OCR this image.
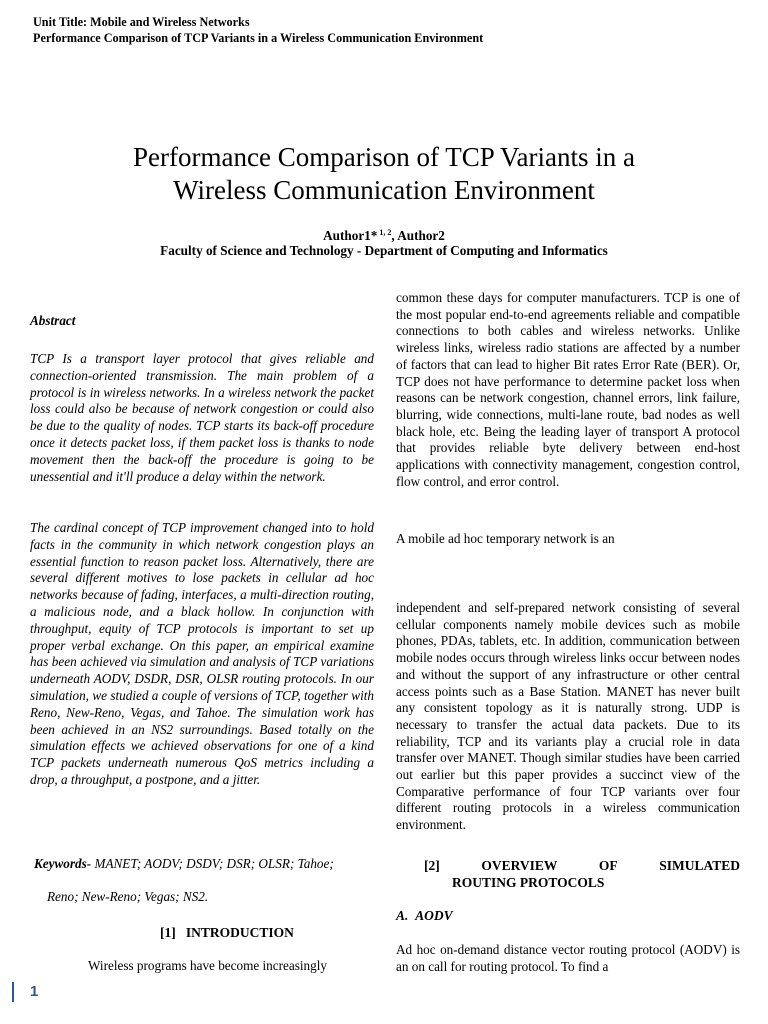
Unit Title: Mobile and Wireless Networks
Performance Comparison of TCP Variants in a Wireless Communication Environment
Performance Comparison of TCP Variants in a
Wireless Communication Environment
Author1* $^{1, 2}$, Author2
Faculty of Science and Technology - Department of Computing and Informatics
Abstract

TCP Is a transport layer protocol that gives reliable and connection-oriented transmission. The main problem of a protocol is in wireless networks. In a wireless network the packet loss could also be because of network congestion or could also be due to the quality of nodes. TCP starts its back-off procedure once it detects packet loss, if them packet loss is thanks to node movement then the back-off the procedure is going to be unessential and it'll produce a delay within the network.

The cardinal concept of TCP improvement changed into to hold facts in the community in which network congestion plays an essential function to reason packet loss. Alternatively, there are several different motives to lose packets in cellular ad hoc networks because of fading, interfaces, a multi-direction routing, a malicious node, and a black hollow. In conjunction with throughput, equity of TCP protocols is important to set up proper verbal exchange. On this paper, an empirical examine has been achieved via simulation and analysis of TCP variations underneath AODV, DSDR, DSR, OLSR routing protocols. In our simulation, we studied a couple of versions of TCP, together with Reno, New-Reno, Vegas, and Tahoe. The simulation work has been achieved in an NS2 surroundings. Based totally on the simulation effects we achieved observations for one of a kind TCP packets underneath numerous QoS metrics including a drop, a throughput, a postpone, and a jitter.

Keywords- MANET; AODV; DSDV; DSR; OLSR; Tahoe;
Reno; New-Reno; Vegas; NS2.
[1] INTRODUCTION
Wireless programs have become increasingly

common these days for computer manufacturers. TCP is one of the most popular end-to-end agreements reliable and compatible connections to both cables and wireless networks. Unlike wireless links, wireless radio stations are affected by a number of factors that can lead to higher Bit rates Error Rate (BER). Or, TCP does not have performance to determine packet loss when reasons can be network congestion, channel errors, link failure, blurring, wide connections, multi-lane route, bad nodes as well black hole, etc. Being the leading layer of transport A protocol that provides reliable byte delivery between end-host applications with connectivity management, congestion control, flow control, and error control.

A mobile ad hoc temporary network is an

independent and self-prepared network consisting of several cellular components namely mobile devices such as mobile phones, PDAs, tablets, etc. In addition, communication between mobile nodes occurs through wireless links occur between nodes and without the support of any infrastructure or other central access points such as a Base Station. MANET has never built any consistent topology as it is naturally strong. UDP is necessary to transfer the actual data packets. Due to its reliability, TCP and its variants play a crucial role in data transfer over MANET. Though similar studies have been carried out earlier but this paper provides a succinct view of the Comparative performance of four TCP variants over four different routing protocols in a wireless communication environment.

[2]	OVERVIEW	OF	SIMULATED
ROUTING PROTOCOLS
A. AODV

Ad hoc on-demand distance vector routing protocol (AODV) is an on call for routing protocol. To find a

1
